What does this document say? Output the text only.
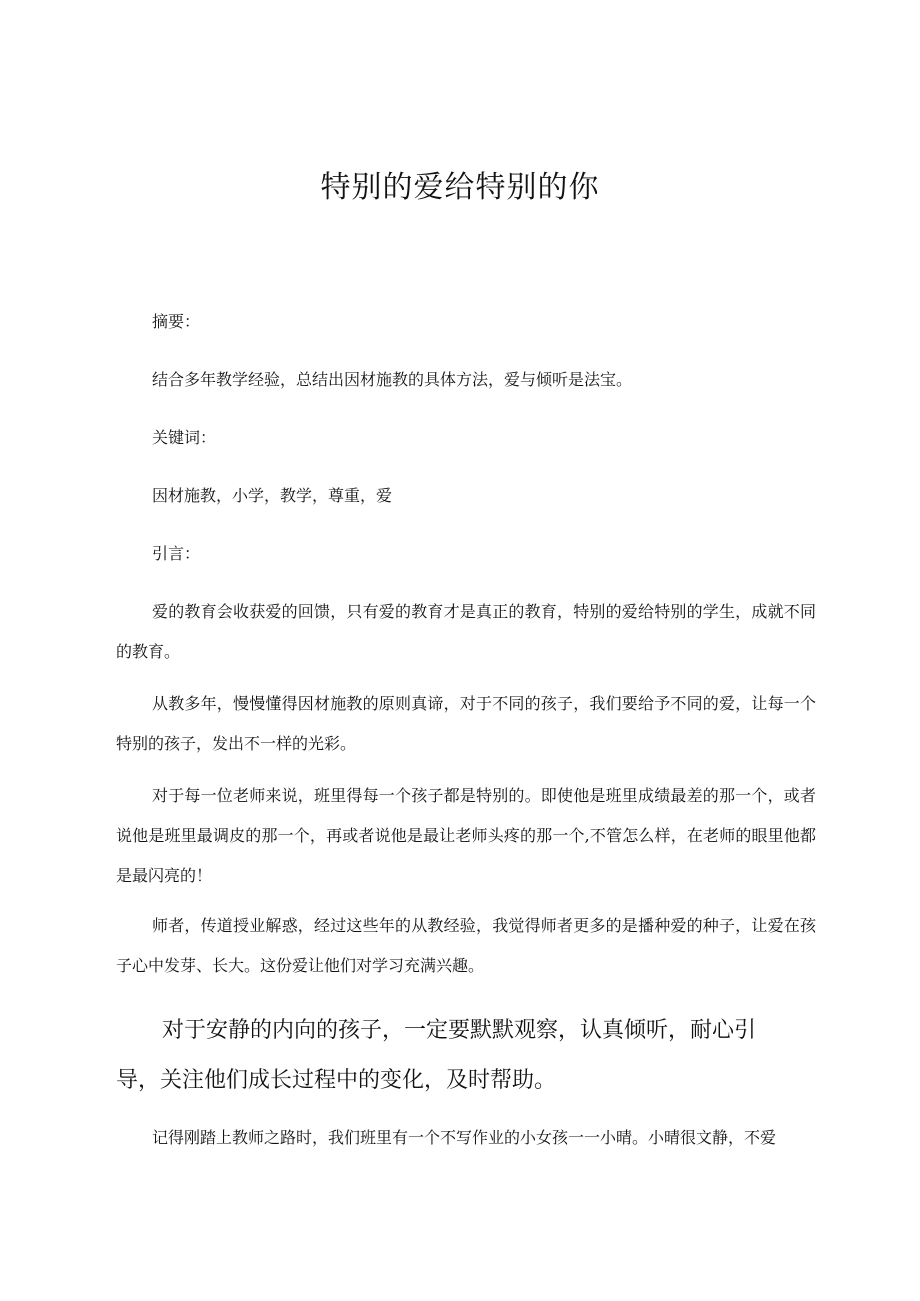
特别的爱给特别的你

摘要：

结合多年教学经验，总结出因材施教的具体方法，爱与倾听是法宝。

关键词：

因材施教，小学，教学，尊重，爱

引言：

爱的教育会收获爱的回馈，只有爱的教育才是真正的教育，特别的爱给特别的学生，成就不同的教育。

从教多年，慢慢懂得因材施教的原则真谛，对于不同的孩子，我们要给予不同的爱，让每一个特别的孩子，发出不一样的光彩。

对于每一位老师来说，班里得每一个孩子都是特别的。即使他是班里成绩最差的那一个，或者说他是班里最调皮的那一个，再或者说他是最让老师头疼的那一个,不管怎么样，在老师的眼里他都是最闪亮的！

师者，传道授业解惑，经过这些年的从教经验，我觉得师者更多的是播种爱的种子，让爱在孩子心中发芽、长大。这份爱让他们对学习充满兴趣。

对于安静的内向的孩子，一定要默默观察，认真倾听，耐心引导，关注他们成长过程中的变化，及时帮助。

记得刚踏上教师之路时，我们班里有一个不写作业的小女孩一一小晴。小晴很文静，不爱
